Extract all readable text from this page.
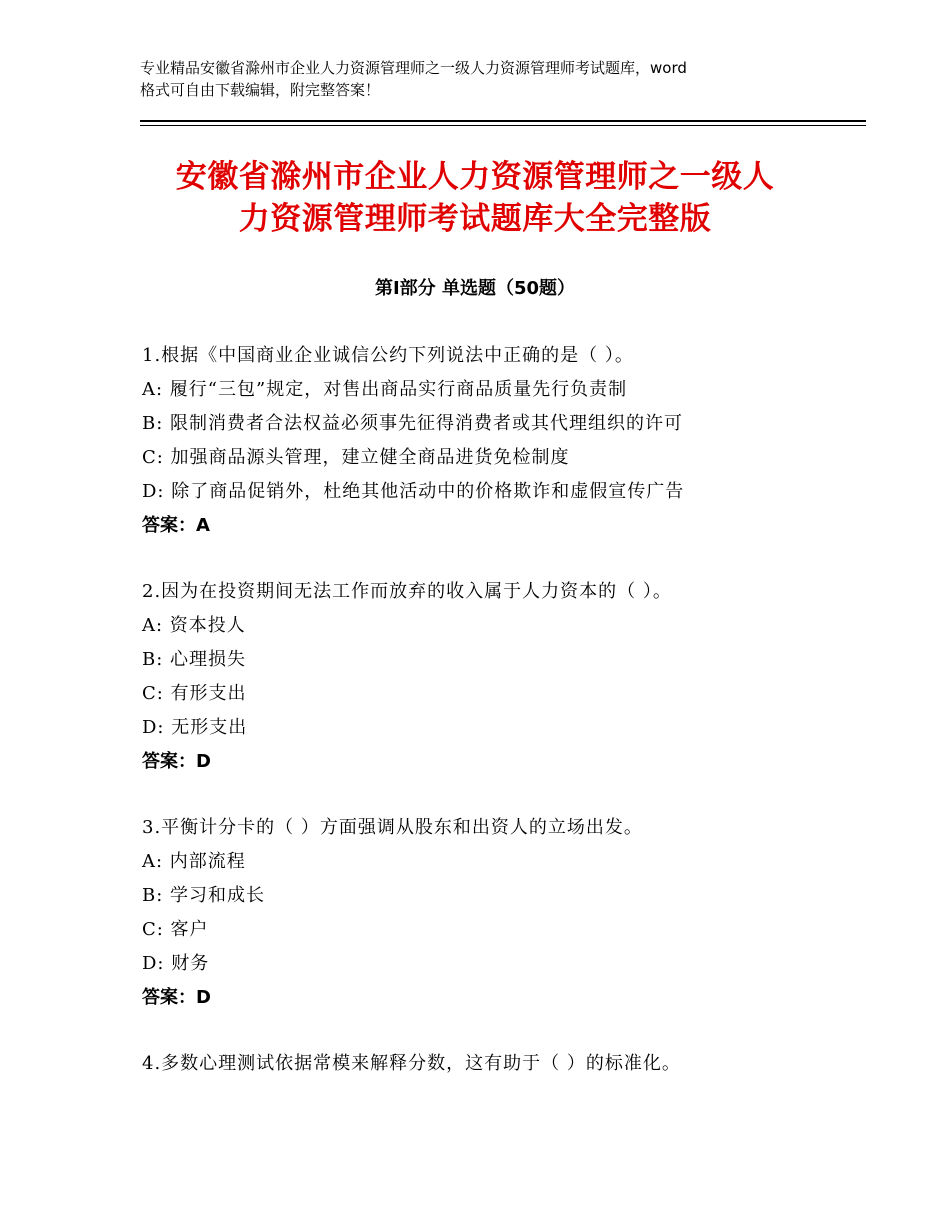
专业精品安徽省滁州市企业人力资源管理师之一级人力资源管理师考试题库，word
格式可自由下载编辑，附完整答案！
安徽省滁州市企业人力资源管理师之一级人
力资源管理师考试题库大全完整版
第Ⅰ部分 单选题（50题）
1.根据《中国商业企业诚信公约下列说法中正确的是（ ）。
A: 履行“三包”规定，对售出商品实行商品质量先行负责制
B: 限制消费者合法权益必须事先征得消费者或其代理组织的许可
C: 加强商品源头管理，建立健全商品进货免检制度
D: 除了商品促销外，杜绝其他活动中的价格欺诈和虚假宣传广告
答案：A
2.因为在投资期间无法工作而放弃的收入属于人力资本的（ ）。
A: 资本投人
B: 心理损失
C: 有形支出
D: 无形支出
答案：D
3.平衡计分卡的（ ）方面强调从股东和出资人的立场出发。
A: 内部流程
B: 学习和成长
C: 客户
D: 财务
答案：D
4.多数心理测试依据常模来解释分数，这有助于（ ）的标准化。
